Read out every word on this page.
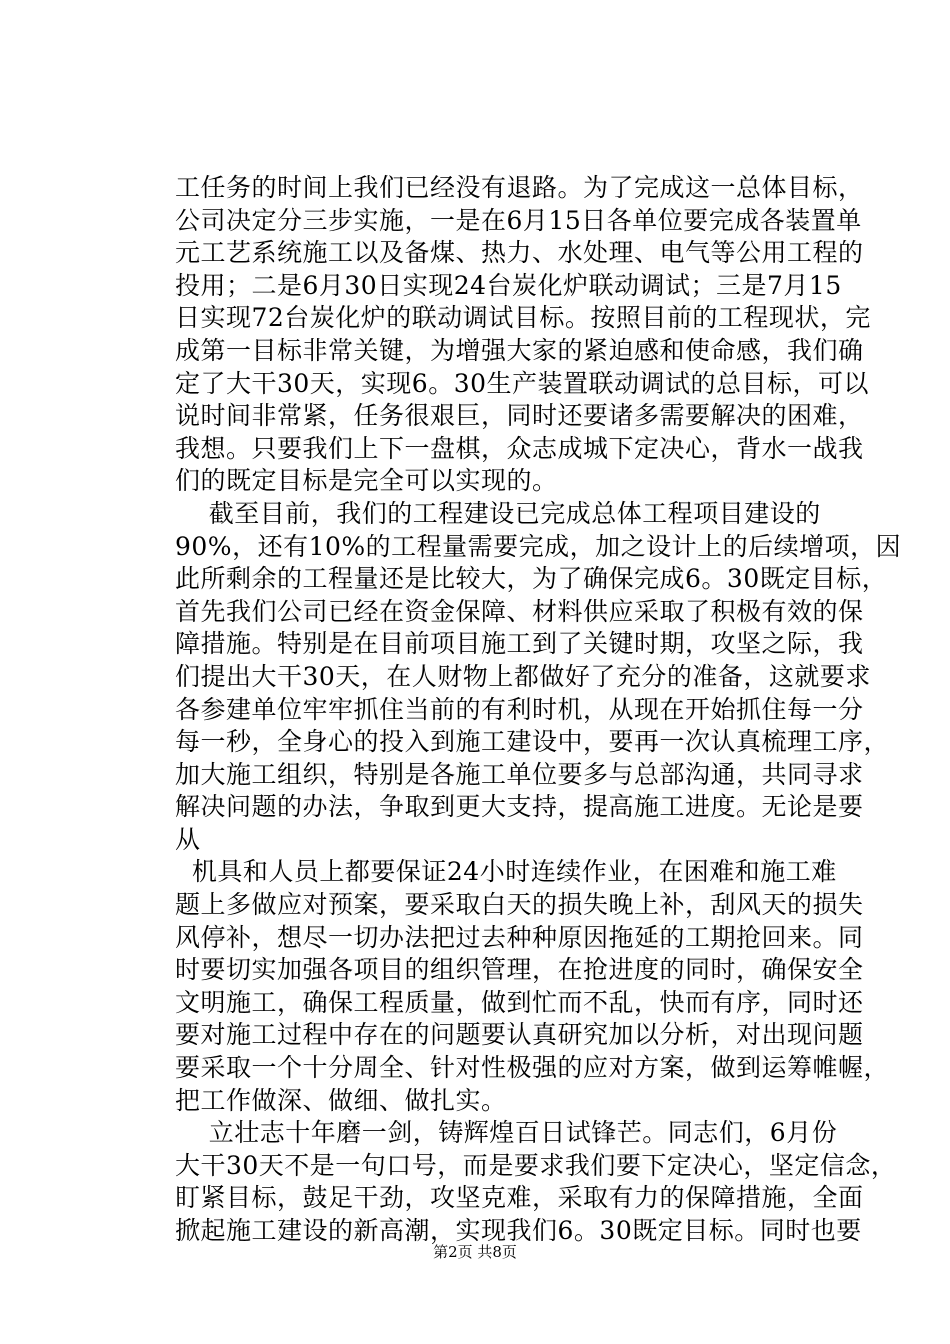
工任务的时间上我们已经没有退路。为了完成这一总体目标，
公司决定分三步实施，一是在6月15日各单位要完成各装置单
元工艺系统施工以及备煤、热力、水处理、电气等公用工程的
投用；二是6月30日实现24台炭化炉联动调试；三是7月15
日实现72台炭化炉的联动调试目标。按照目前的工程现状，完
成第一目标非常关键，为增强大家的紧迫感和使命感，我们确
定了大干30天，实现6。30生产装置联动调试的总目标，可以
说时间非常紧，任务很艰巨，同时还要诸多需要解决的困难，
我想。只要我们上下一盘棋，众志成城下定决心，背水一战我
们的既定目标是完全可以实现的。
截至目前，我们的工程建设已完成总体工程项目建设的
90%，还有10%的工程量需要完成，加之设计上的后续增项，因
此所剩余的工程量还是比较大，为了确保完成6。30既定目标，
首先我们公司已经在资金保障、材料供应采取了积极有效的保
障措施。特别是在目前项目施工到了关键时期，攻坚之际，我
们提出大干30天，在人财物上都做好了充分的准备，这就要求
各参建单位牢牢抓住当前的有利时机，从现在开始抓住每一分
每一秒，全身心的投入到施工建设中，要再一次认真梳理工序，
加大施工组织，特别是各施工单位要多与总部沟通，共同寻求
解决问题的办法，争取到更大支持，提高施工进度。无论是要
从
机具和人员上都要保证24小时连续作业，在困难和施工难
题上多做应对预案，要采取白天的损失晚上补，刮风天的损失
风停补，想尽一切办法把过去种种原因拖延的工期抢回来。同
时要切实加强各项目的组织管理，在抢进度的同时，确保安全
文明施工，确保工程质量，做到忙而不乱，快而有序，同时还
要对施工过程中存在的问题要认真研究加以分析，对出现问题
要采取一个十分周全、针对性极强的应对方案，做到运筹帷幄，
把工作做深、做细、做扎实。
立壮志十年磨一剑，铸辉煌百日试锋芒。同志们，6月份
大干30天不是一句口号，而是要求我们要下定决心，坚定信念，
盯紧目标，鼓足干劲，攻坚克难，采取有力的保障措施，全面
掀起施工建设的新高潮，实现我们6。30既定目标。同时也要
第2页 共8页
